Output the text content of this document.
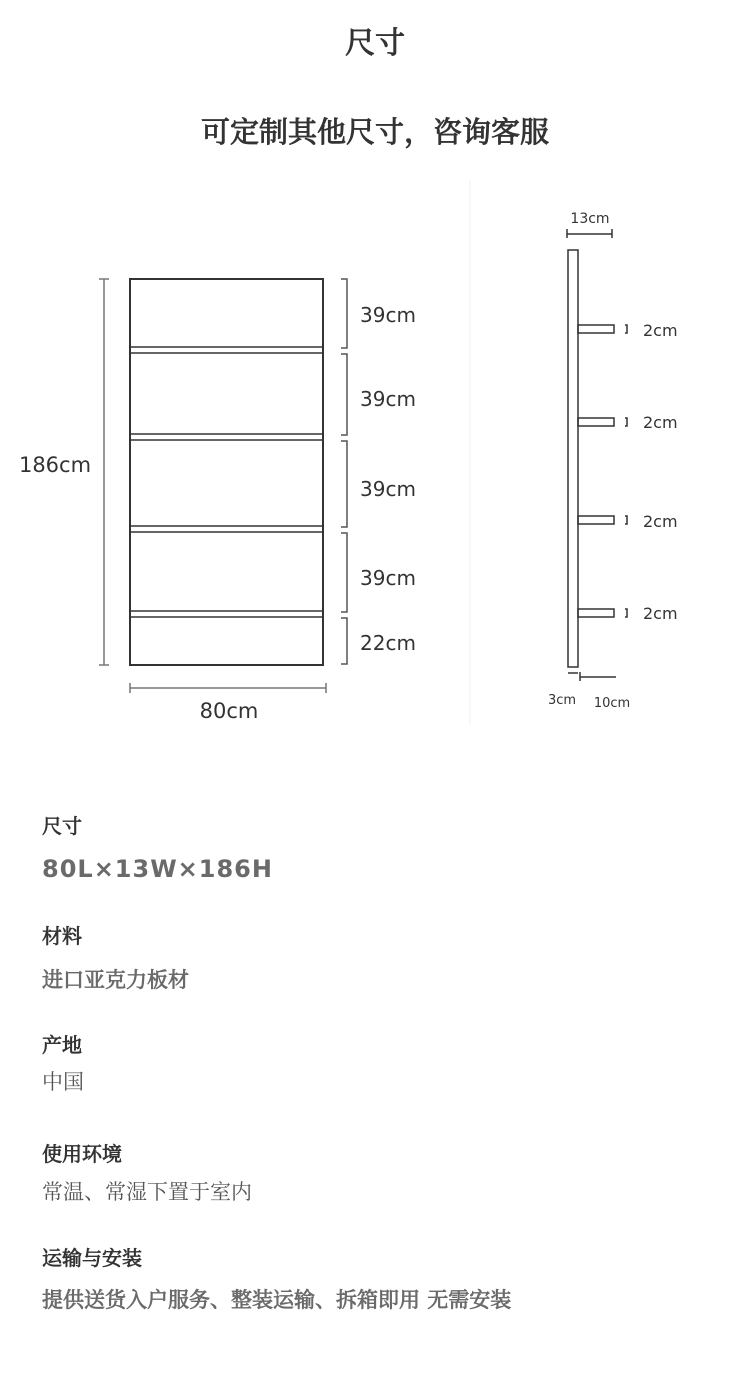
尺寸
可定制其他尺寸，咨询客服
186cm
80cm
39cm
39cm
39cm
39cm
22cm
13cm
2cm
2cm
2cm
2cm
3cm 10cm
尺寸
80L×13W×186H
材料
进口亚克力板材
产地
中国
使用环境
常温、常湿下置于室内
运输与安装
提供送货入户服务、整装运输、拆箱即用 无需安装
